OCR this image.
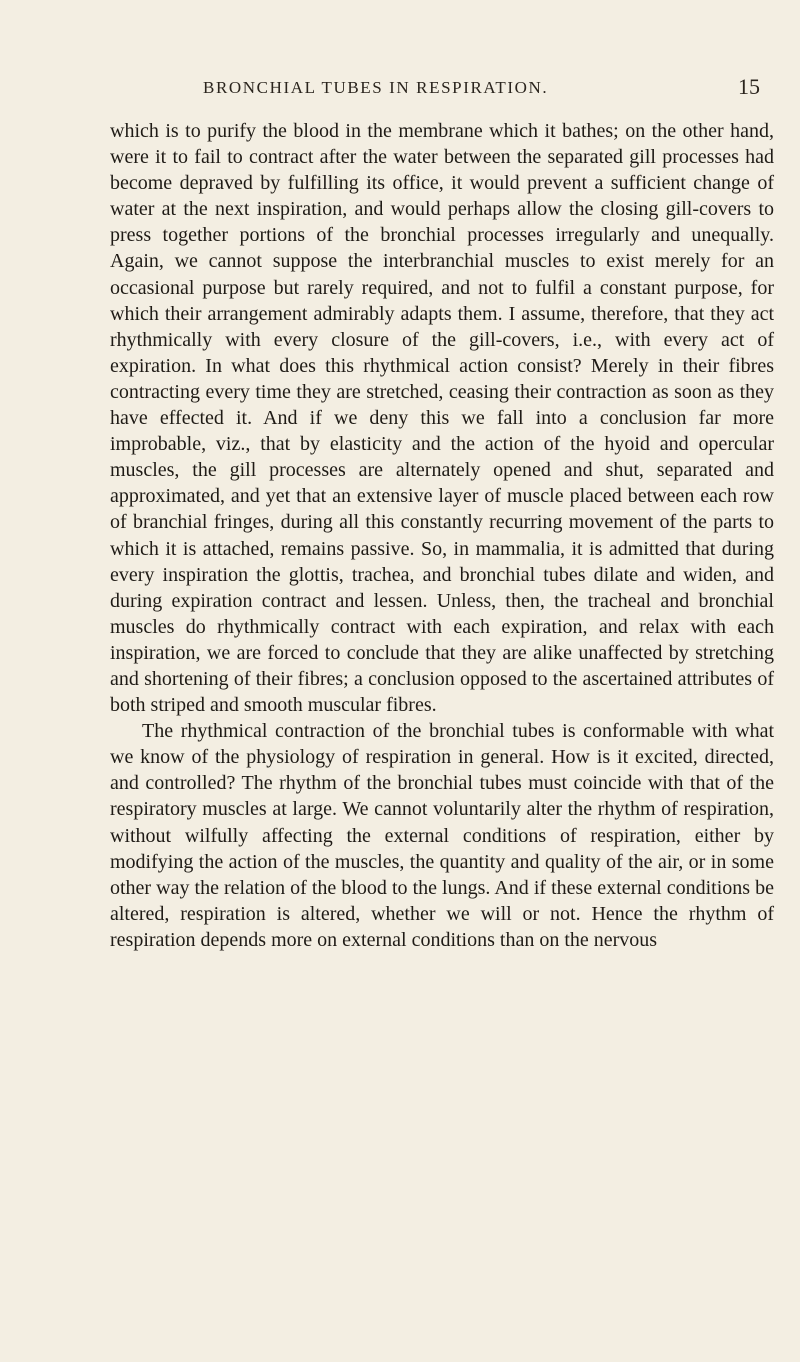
BRONCHIAL TUBES IN RESPIRATION.	15

which is to purify the blood in the membrane which it bathes; on the other hand, were it to fail to contract after the water between the separated gill processes had become depraved by fulfilling its office, it would prevent a sufficient change of water at the next inspiration, and would perhaps allow the closing gill-covers to press together portions of the bronchial processes irregularly and unequally. Again, we cannot suppose the interbranchial muscles to exist merely for an occasional purpose but rarely required, and not to fulfil a constant purpose, for which their arrangement admirably adapts them. I assume, therefore, that they act rhythmically with every closure of the gill-covers, i.e., with every act of expiration. In what does this rhythmical action consist? Merely in their fibres contracting every time they are stretched, ceasing their contraction as soon as they have effected it. And if we deny this we fall into a conclusion far more improbable, viz., that by elasticity and the action of the hyoid and opercular muscles, the gill processes are alternately opened and shut, separated and approximated, and yet that an extensive layer of muscle placed between each row of branchial fringes, during all this constantly recurring movement of the parts to which it is attached, remains passive. So, in mammalia, it is admitted that during every inspiration the glottis, trachea, and bronchial tubes dilate and widen, and during expiration contract and lessen. Unless, then, the tracheal and bronchial muscles do rhythmically contract with each expiration, and relax with each inspiration, we are forced to conclude that they are alike unaffected by stretching and shortening of their fibres; a conclusion opposed to the ascertained attributes of both striped and smooth muscular fibres.

The rhythmical contraction of the bronchial tubes is conformable with what we know of the physiology of respiration in general. How is it excited, directed, and controlled? The rhythm of the bronchial tubes must coincide with that of the respiratory muscles at large. We cannot voluntarily alter the rhythm of respiration, without wilfully affecting the external conditions of respiration, either by modifying the action of the muscles, the quantity and quality of the air, or in some other way the relation of the blood to the lungs. And if these external conditions be altered, respiration is altered, whether we will or not. Hence the rhythm of respiration depends more on external conditions than on the nervous
